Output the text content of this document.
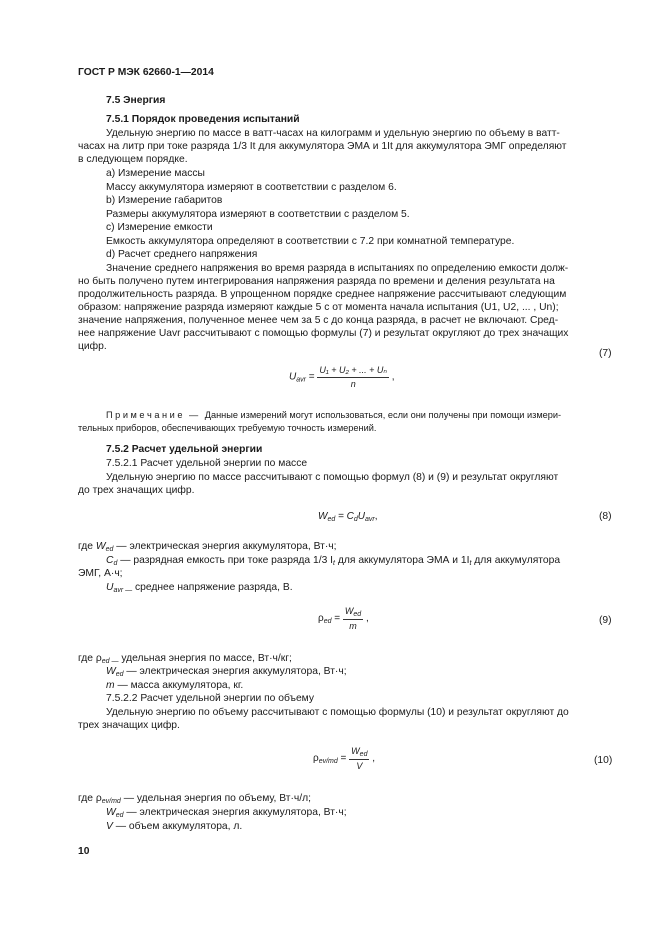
ГОСТ Р МЭК 62660-1—2014
7.5 Энергия
7.5.1 Порядок проведения испытаний
Удельную энергию по массе в ватт-часах на килограмм и удельную энергию по объему в ватт-
часах на литр при токе разряда 1/3 It для аккумулятора ЭМА и 1It для аккумулятора ЭМГ определяют
в следующем порядке.
a) Измерение массы
Массу аккумулятора измеряют в соответствии с разделом 6.
b) Измерение габаритов
Размеры аккумулятора измеряют в соответствии с разделом 5.
c) Измерение емкости
Емкость аккумулятора определяют в соответствии с 7.2 при комнатной температуре.
d) Расчет среднего напряжения
Значение среднего напряжения во время разряда в испытаниях по определению емкости долж-
но быть получено путем интегрирования напряжения разряда по времени и деления результата на
продолжительность разряда. В упрощенном порядке среднее напряжение рассчитывают следующим
образом: напряжение разряда измеряют каждые 5 с от момента начала испытания (U1, U2, ... , Un);
значение напряжения, полученное менее чем за 5 с до конца разряда, в расчет не включают. Сред-
нее напряжение Uavr рассчитывают с помощью формулы (7) и результат округляют до трех значащих
цифр.
$U_{avr} = \frac{\text{U₁ + U₂ + ... + Uₙ}}{n}$ ,
(7)
П р и м е ч а н и е — Данные измерений могут использоваться, если они получены при помощи измери-
тельных приборов, обеспечивающих требуемую точность измерений.
7.5.2 Расчет удельной энергии
7.5.2.1 Расчет удельной энергии по массе
Удельную энергию по массе рассчитывают с помощью формул (8) и (9) и результат округляют
до трех значащих цифр.
$W_{ed} = C_dU_{avr}$,	(8)
где $W_{ed}$ — электрическая энергия аккумулятора, Вт·ч;
Cd — разрядная емкость при токе разряда 1/3 It для аккумулятора ЭМА и 1It для аккумулятора
ЭМГ, А·ч;
Uavr — среднее напряжение разряда, В.
$\rho_{ed} = \frac{W_{ed}}{m}$ ,	(9)
где ρed — удельная энергия по массе, Вт·ч/кг;
Wed — электрическая энергия аккумулятора, Вт·ч;
m — масса аккумулятора, кг.
7.5.2.2 Расчет удельной энергии по объему
Удельную энергию по объему рассчитывают с помощью формулы (10) и результат округляют до
трех значащих цифр.
$\rho_{ev/md} = \frac{W_{ed}}{V}$ ,	(10)
где ρev/md — удельная энергия по объему, Вт·ч/л;
Wed — электрическая энергия аккумулятора, Вт·ч;
V — объем аккумулятора, л.
10
